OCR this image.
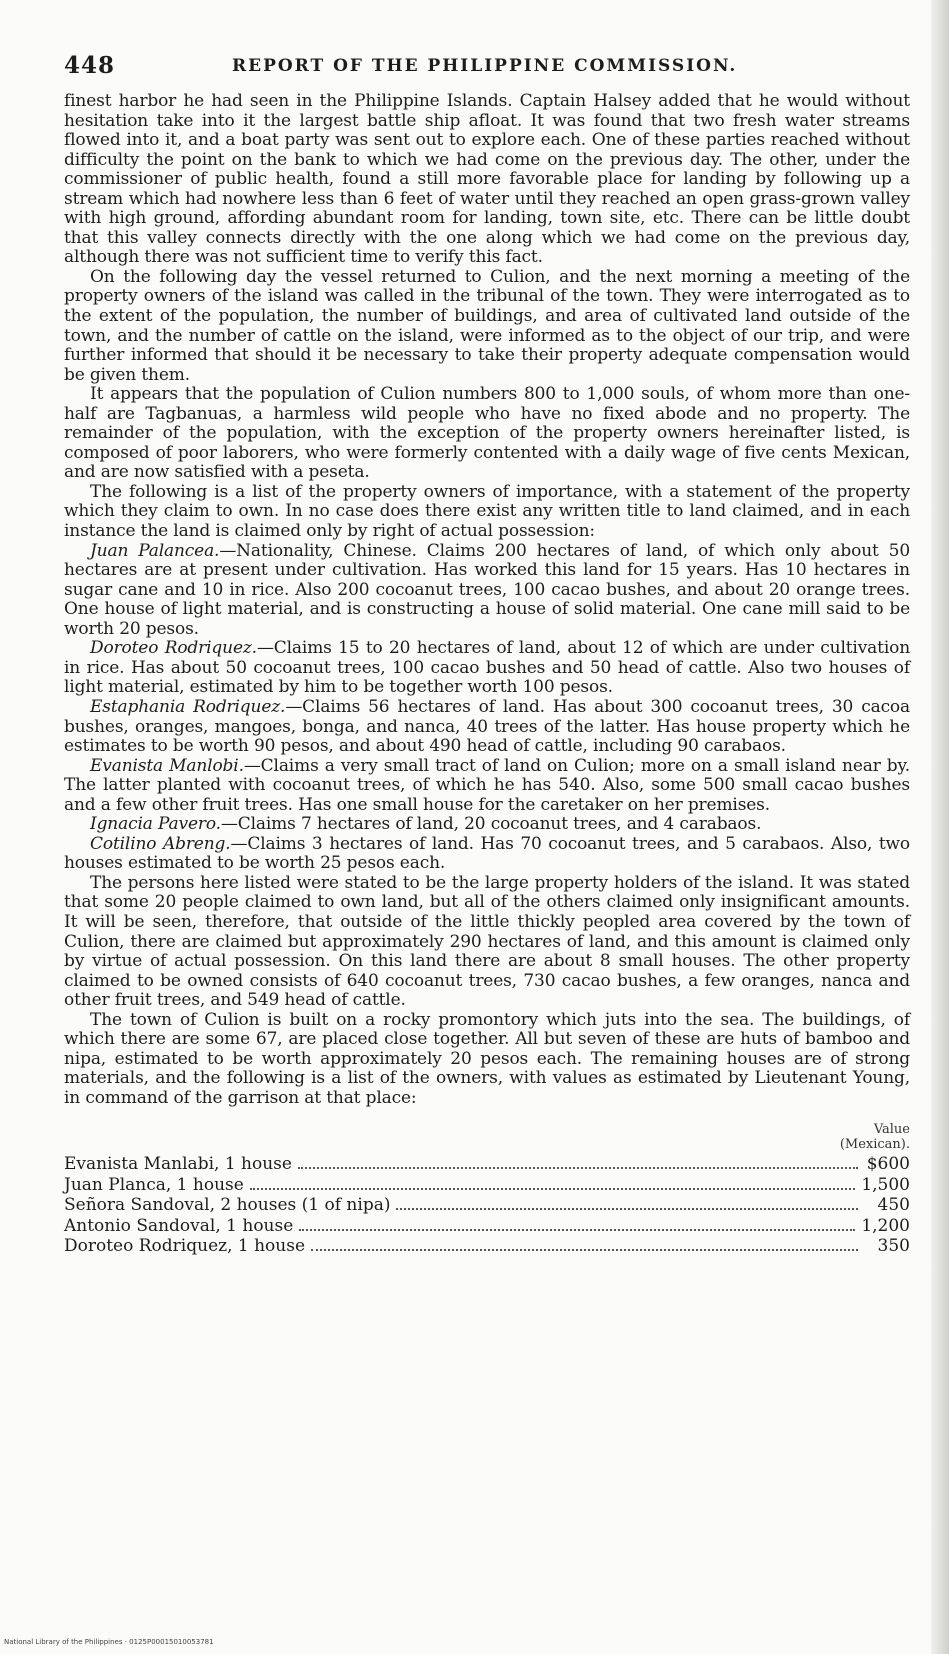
448	REPORT OF THE PHILIPPINE COMMISSION.

finest harbor he had seen in the Philippine Islands. Captain Halsey added that he would without hesitation take into it the largest battle ship afloat. It was found that two fresh water streams flowed into it, and a boat party was sent out to explore each. One of these parties reached without difficulty the point on the bank to which we had come on the previous day. The other, under the commissioner of public health, found a still more favorable place for landing by following up a stream which had nowhere less than 6 feet of water until they reached an open grass-grown valley with high ground, affording abundant room for landing, town site, etc. There can be little doubt that this valley connects directly with the one along which we had come on the previous day, although there was not sufficient time to verify this fact.

On the following day the vessel returned to Culion, and the next morning a meeting of the property owners of the island was called in the tribunal of the town. They were interrogated as to the extent of the population, the number of buildings, and area of cultivated land outside of the town, and the number of cattle on the island, were informed as to the object of our trip, and were further informed that should it be necessary to take their property adequate compensation would be given them.

It appears that the population of Culion numbers 800 to 1,000 souls, of whom more than one-half are Tagbanuas, a harmless wild people who have no fixed abode and no property. The remainder of the population, with the exception of the property owners hereinafter listed, is composed of poor laborers, who were formerly contented with a daily wage of five cents Mexican, and are now satisfied with a peseta.

The following is a list of the property owners of importance, with a statement of the property which they claim to own. In no case does there exist any written title to land claimed, and in each instance the land is claimed only by right of actual possession:

Juan Palancea.—Nationality, Chinese. Claims 200 hectares of land, of which only about 50 hectares are at present under cultivation. Has worked this land for 15 years. Has 10 hectares in sugar cane and 10 in rice. Also 200 cocoanut trees, 100 cacao bushes, and about 20 orange trees. One house of light material, and is constructing a house of solid material. One cane mill said to be worth 20 pesos.

Doroteo Rodriquez.—Claims 15 to 20 hectares of land, about 12 of which are under cultivation in rice. Has about 50 cocoanut trees, 100 cacao bushes and 50 head of cattle. Also two houses of light material, estimated by him to be together worth 100 pesos.

Estaphania Rodriquez.—Claims 56 hectares of land. Has about 300 cocoanut trees, 30 cacoa bushes, oranges, mangoes, bonga, and nanca, 40 trees of the latter. Has house property which he estimates to be worth 90 pesos, and about 490 head of cattle, including 90 carabaos.

Evanista Manlobi.—Claims a very small tract of land on Culion; more on a small island near by. The latter planted with cocoanut trees, of which he has 540. Also, some 500 small cacao bushes and a few other fruit trees. Has one small house for the caretaker on her premises.

Ignacia Pavero.—Claims 7 hectares of land, 20 cocoanut trees, and 4 carabaos.

Cotilino Abreng.—Claims 3 hectares of land. Has 70 cocoanut trees, and 5 carabaos. Also, two houses estimated to be worth 25 pesos each.

The persons here listed were stated to be the large property holders of the island. It was stated that some 20 people claimed to own land, but all of the others claimed only insignificant amounts. It will be seen, therefore, that outside of the little thickly peopled area covered by the town of Culion, there are claimed but approximately 290 hectares of land, and this amount is claimed only by virtue of actual possession. On this land there are about 8 small houses. The other property claimed to be owned consists of 640 cocoanut trees, 730 cacao bushes, a few oranges, nanca and other fruit trees, and 549 head of cattle.

The town of Culion is built on a rocky promontory which juts into the sea. The buildings, of which there are some 67, are placed close together. All but seven of these are huts of bamboo and nipa, estimated to be worth approximately 20 pesos each. The remaining houses are of strong materials, and the following is a list of the owners, with values as estimated by Lieutenant Young, in command of the garrison at that place:

Value
(Mexican).
Evanista Manlabi, 1 house	$600
Juan Planca, 1 house	1,500
Señora Sandoval, 2 houses (1 of nipa)	450
Antonio Sandoval, 1 house	1,200
Doroteo Rodriquez, 1 house	350
National Library of the Philippines · 0125P00015010053781
